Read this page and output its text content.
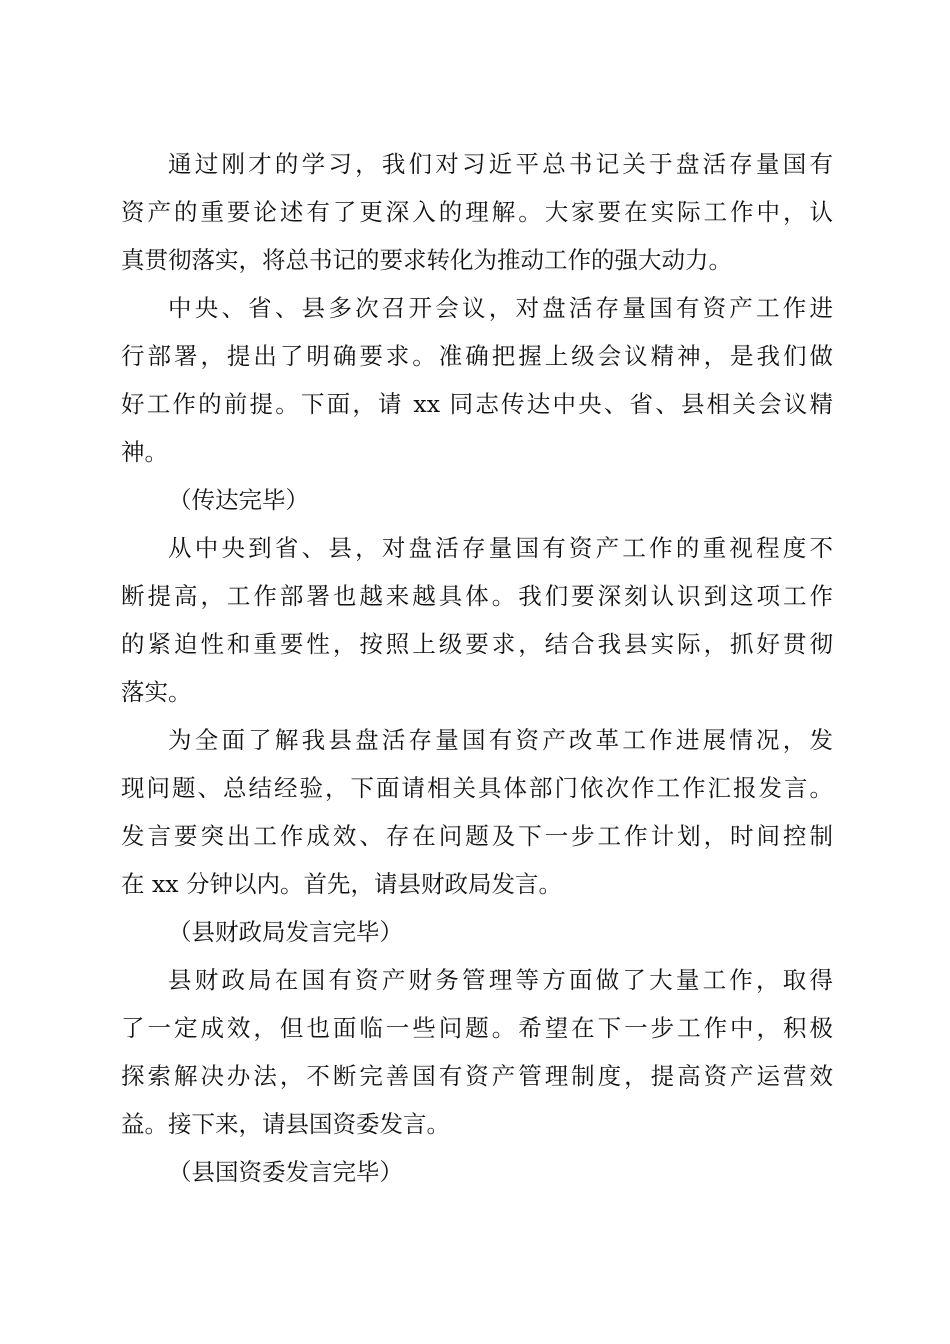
通过刚才的学习，我们对习近平总书记关于盘活存量国有
资产的重要论述有了更深入的理解。大家要在实际工作中，认
真贯彻落实，将总书记的要求转化为推动工作的强大动力。
中央、省、县多次召开会议，对盘活存量国有资产工作进
行部署，提出了明确要求。准确把握上级会议精神，是我们做
好工作的前提。下面，请 xx 同志传达中央、省、县相关会议精
神。
（传达完毕）
从中央到省、县，对盘活存量国有资产工作的重视程度不
断提高，工作部署也越来越具体。我们要深刻认识到这项工作
的紧迫性和重要性，按照上级要求，结合我县实际，抓好贯彻
落实。
为全面了解我县盘活存量国有资产改革工作进展情况，发
现问题、总结经验，下面请相关具体部门依次作工作汇报发言。
发言要突出工作成效、存在问题及下一步工作计划，时间控制
在 xx 分钟以内。首先，请县财政局发言。
（县财政局发言完毕）
县财政局在国有资产财务管理等方面做了大量工作，取得
了一定成效，但也面临一些问题。希望在下一步工作中，积极
探索解决办法，不断完善国有资产管理制度，提高资产运营效
益。接下来，请县国资委发言。
（县国资委发言完毕）
